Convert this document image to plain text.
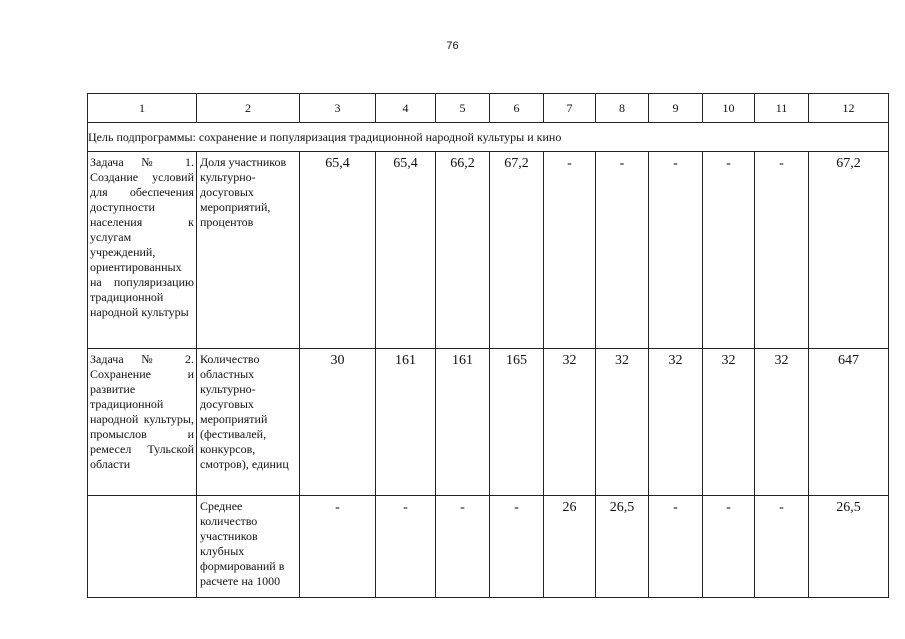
76
1	2	3	4	5	6	7	8	9	10	11	12
Цель подпрограммы: сохранение и популяризация традиционной народной культуры и кино											
Задача № 1. Создание условий для обеспечения доступности населения к услугам учреждений, ориентированных на популяризацию традиционной народной культуры	Доля участников культурно-досуговых мероприятий, процентов	65,4	65,4	66,2	67,2	-	-	-	-	-	67,2
Задача № 2. Сохранение и развитие традиционной народной культуры, промыслов и ремесел Тульской области	Количество областных культурно-досуговых мероприятий (фестивалей, конкурсов, смотров), единиц	30	161	161	165	32	32	32	32	32	647
	Среднее количество участников клубных формирований в расчете на 1000	-	-	-	-	26	26,5	-	-	-	26,5
